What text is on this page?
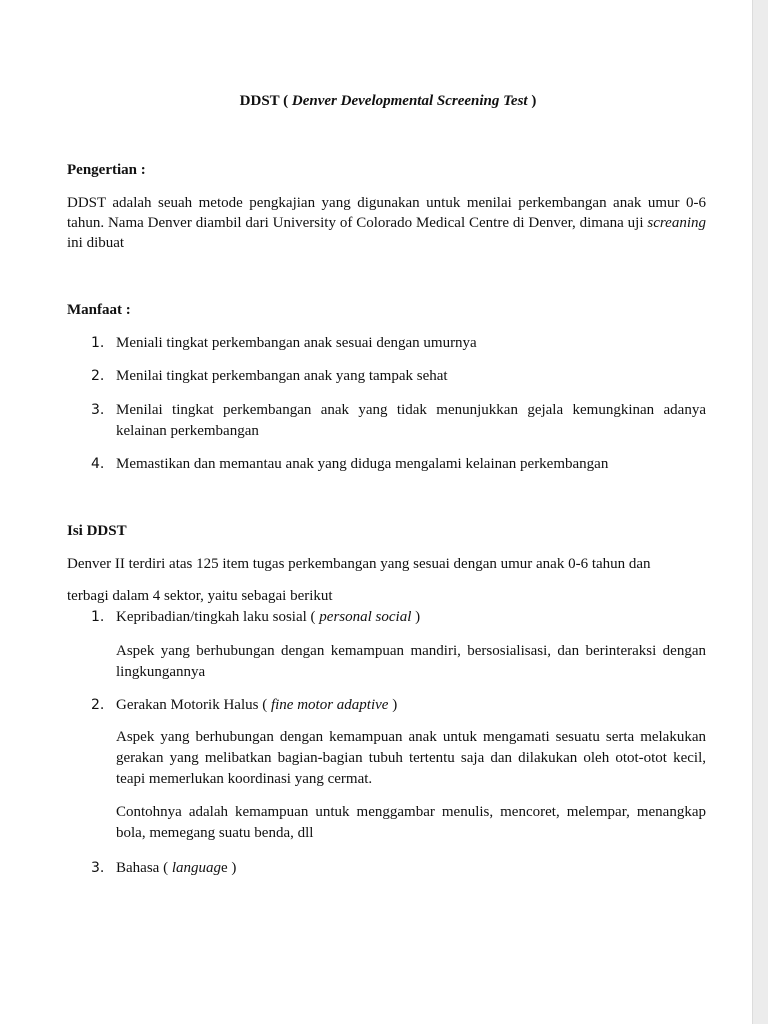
DDST ( Denver Developmental Screening Test )
Pengertian :
DDST adalah seuah metode pengkajian yang digunakan untuk menilai perkembangan anak umur 0-6 tahun. Nama Denver diambil dari University of Colorado Medical Centre di Denver, dimana uji screaning ini dibuat
Manfaat :
1. Meniali tingkat perkembangan anak sesuai dengan umurnya
2. Menilai tingkat perkembangan anak yang tampak sehat
3. Menilai tingkat perkembangan anak yang tidak menunjukkan gejala kemungkinan adanya kelainan perkembangan
4. Memastikan dan memantau anak yang diduga mengalami kelainan perkembangan
Isi DDST
Denver II terdiri atas 125 item tugas perkembangan yang sesuai dengan umur anak 0-6 tahun dan
terbagi dalam 4 sektor, yaitu sebagai berikut
1. Kepribadian/tingkah laku sosial ( personal social )
Aspek yang berhubungan dengan kemampuan mandiri, bersosialisasi, dan berinteraksi dengan lingkungannya
2. Gerakan Motorik Halus ( fine motor adaptive )
Aspek yang berhubungan dengan kemampuan anak untuk mengamati sesuatu serta melakukan gerakan yang melibatkan bagian-bagian tubuh tertentu saja dan dilakukan oleh otot-otot kecil, teapi memerlukan koordinasi yang cermat.
Contohnya adalah kemampuan untuk menggambar menulis, mencoret, melempar, menangkap bola, memegang suatu benda, dll
3. Bahasa ( language )
